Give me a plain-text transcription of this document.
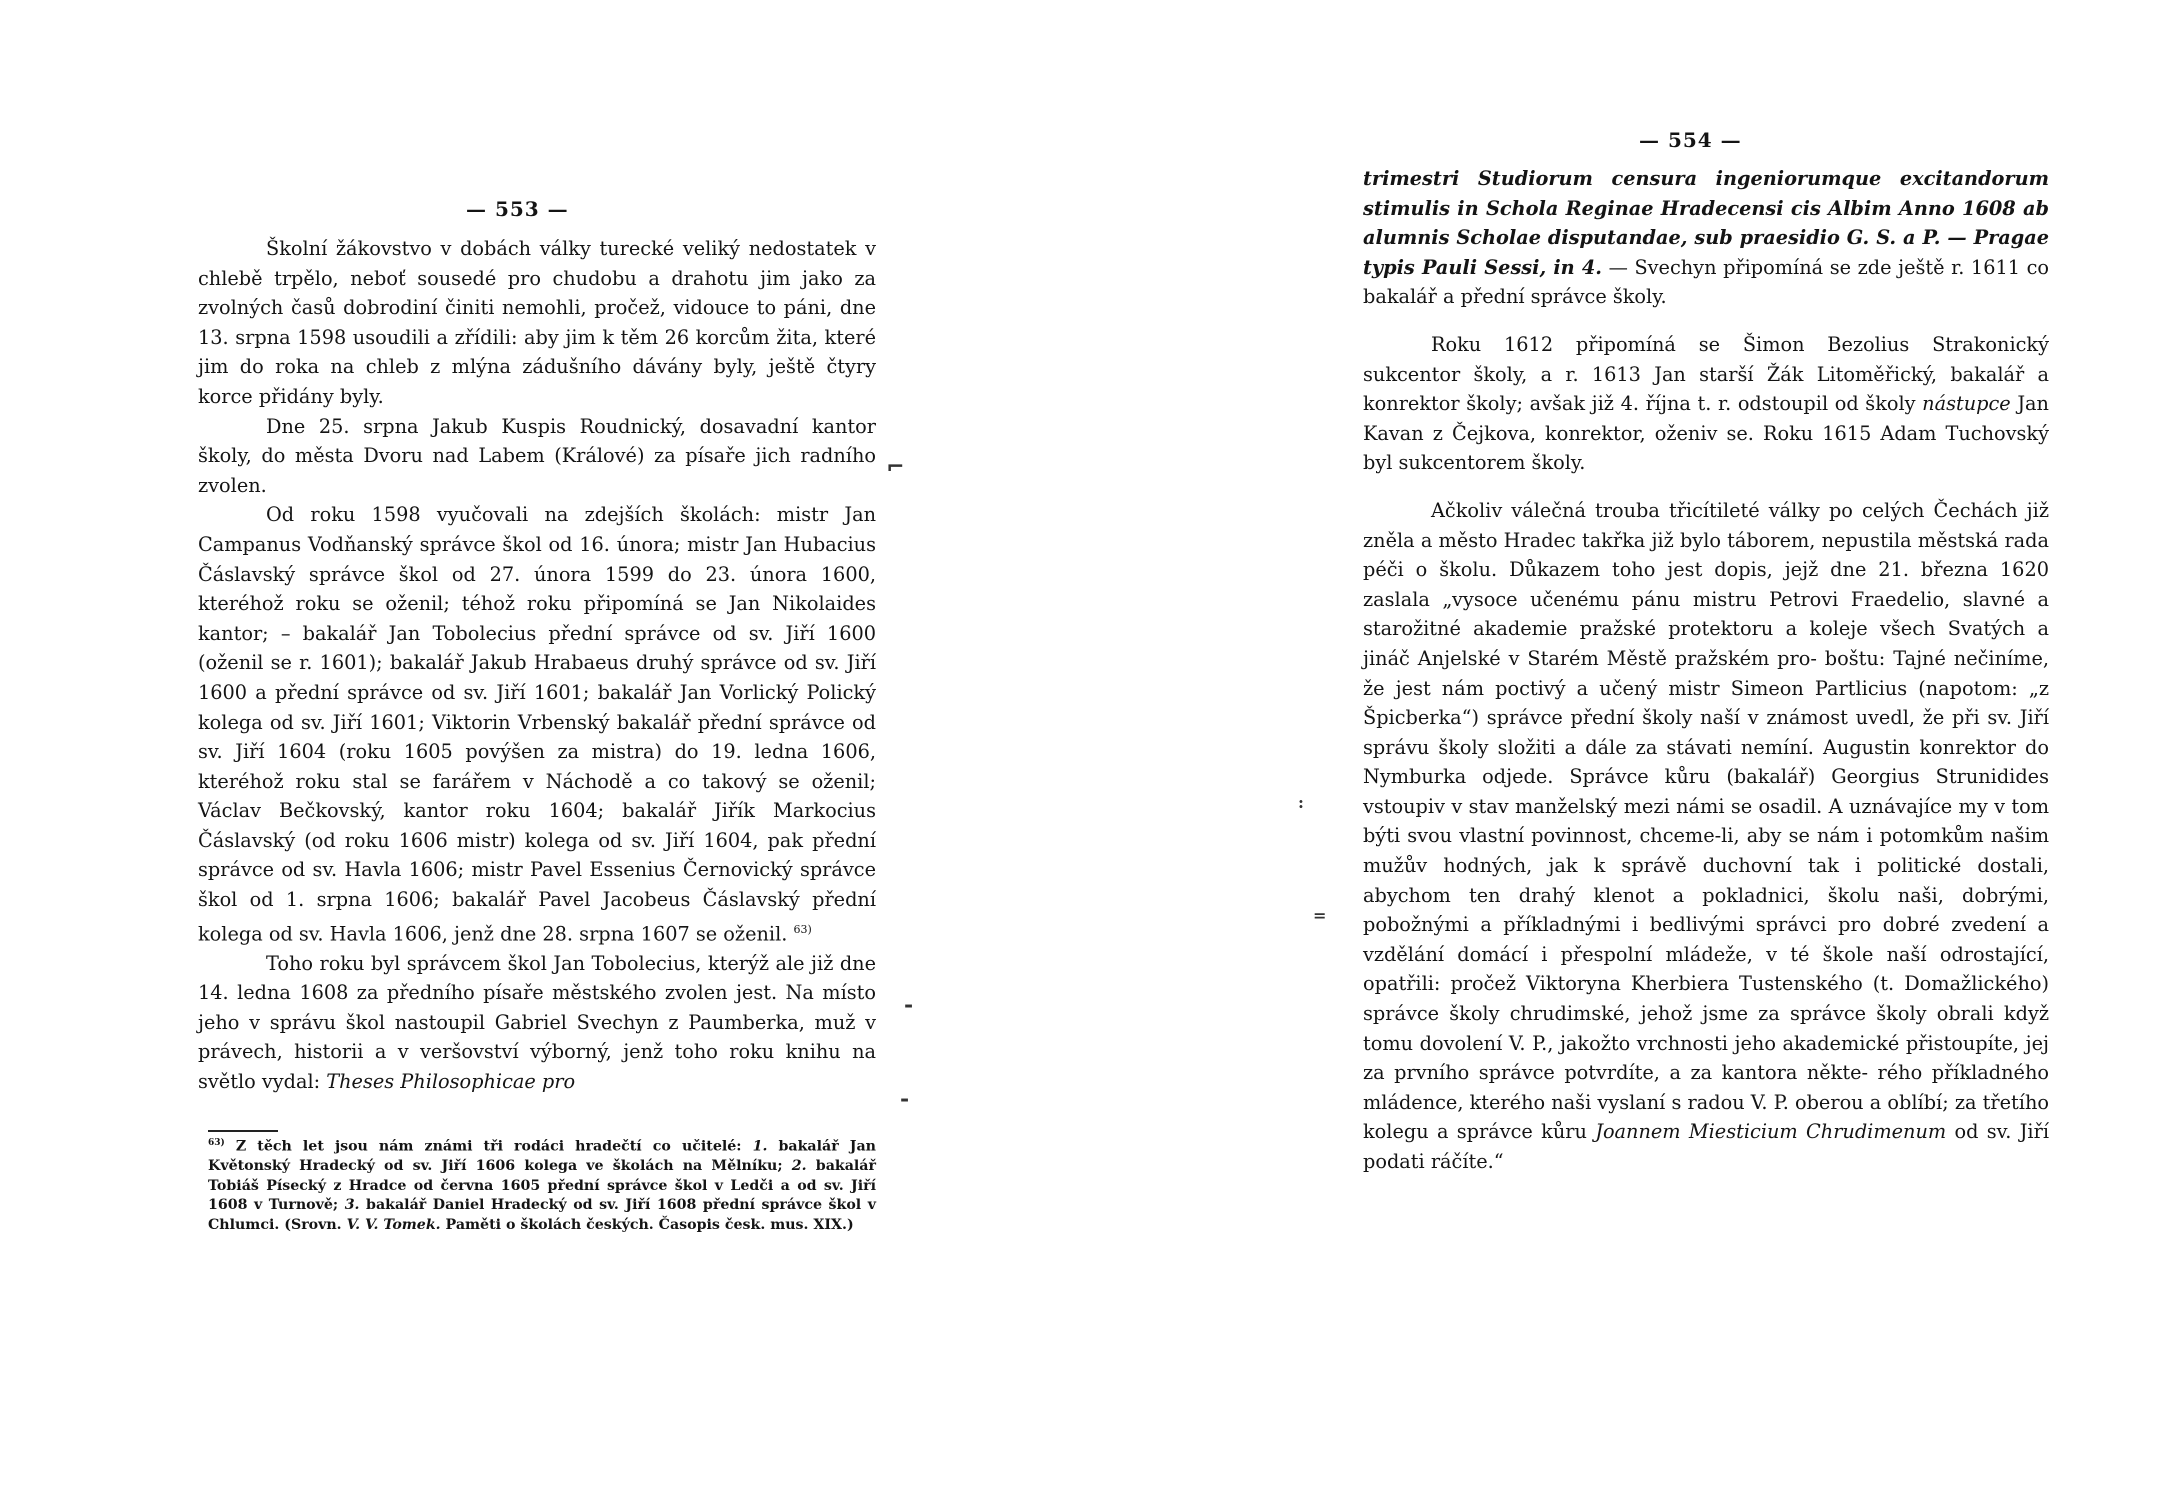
— 553 —

Školní žákovstvo v dobách války turecké veliký nedostatek v chlebě trpělo, neboť sousedé pro chudobu a drahotu jim jako za zvolných časů dobrodiní činiti nemohli, pročež, vidouce to páni, dne 13. srpna 1598 usoudili a zřídili: aby jim k těm 26 korcům žita, které jim do roka na chleb z mlýna zádušního dávány byly, ještě čtyry korce přidány byly.

Dne 25. srpna Jakub Kuspis Roudnický, dosavadní kantor školy, do města Dvoru nad Labem (Králové) za písaře jich radního zvolen.

Od roku 1598 vyučovali na zdejších školách: mistr Jan Campanus Vodňanský správce škol od 16. února; mistr Jan Hubacius Čáslavský správce škol od 27. února 1599 do 23. února 1600, kteréhož roku se oženil; téhož roku připomíná se Jan Nikolaides kantor; – bakalář Jan Tobolecius přední správce od sv. Jiří 1600 (oženil se r. 1601); bakalář Jakub Hrabaeus druhý správce od sv. Jiří 1600 a přední správce od sv. Jiří 1601; bakalář Jan Vorlický Polický kolega od sv. Jiří 1601; Viktorin Vrbenský bakalář přední správce od sv. Jiří 1604 (roku 1605 povýšen za mistra) do 19. ledna 1606, kteréhož roku stal se farářem v Náchodě a co takový se oženil; Václav Bečkovský, kantor roku 1604; bakalář Jiřík Markocius Čáslavský (od roku 1606 mistr) kolega od sv. Jiří 1604, pak přední správce od sv. Havla 1606; mistr Pavel Essenius Černovický správce škol od 1. srpna 1606; bakalář Pavel Jacobeus Čáslavský přední kolega od sv. Havla 1606, jenž dne 28. srpna 1607 se oženil. $^{63)}$

Toho roku byl správcem škol Jan Tobolecius, kterýž ale již dne 14. ledna 1608 za předního písaře městského zvolen jest. Na místo jeho v správu škol nastoupil Gabriel Svechyn z Paumberka, muž v právech, historii a v veršovství výborný, jenž toho roku knihu na světlo vydal: Theses Philosophicae pro

$^{63)}$ Z těch let jsou nám známi tři rodáci hradečtí co učitelé: 1. bakalář Jan Květonský Hradecký od sv. Jiří 1606 kolega ve školách na Mělníku; 2. bakalář Tobiáš Písecký z Hradce od června 1605 přední správce škol v Ledči a od sv. Jiří 1608 v Turnově; 3. bakalář Daniel Hradecký od sv. Jiří 1608 přední správce škol v Chlumci. (Srovn. V. V. Tomek. Paměti o školách českých. Časopis česk. mus. XIX.)
⌐
-
-
— 554 —

trimestri Studiorum censura ingeniorumque excitandorum stimulis in Schola Reginae Hradecensi cis Albim Anno 1608 ab alumnis Scholae disputandae, sub praesidio G. S. a P. — Pragae typis Pauli Sessi, in 4. — Svechyn připomíná se zde ještě r. 1611 co bakalář a přední správce školy.

Roku 1612 připomíná se Šimon Bezolius Strakonický sukcentor školy, a r. 1613 Jan starší Žák Litoměřický, bakalář a konrektor školy; avšak již 4. října t. r. odstoupil od školy nástupce Jan Kavan z Čejkova, konrektor, oženiv se. Roku 1615 Adam Tuchovský byl sukcentorem školy.

Ačkoliv válečná trouba třicítileté války po celých Čechách již zněla a město Hradec takřka již bylo táborem, nepustila městská rada péči o školu. Důkazem toho jest dopis, jejž dne 21. března 1620 zaslala „vysoce učenému pánu mistru Petrovi Fraedelio, slavné a starožitné akademie pražské protektoru a koleje všech Svatých a jináč Anjelské v Starém Městě pražském pro- boštu: Tajné nečiníme, že jest nám poctivý a učený mistr Simeon Partlicius (napotom: „z Špicberka“) správce přední školy naší v známost uvedl, že při sv. Jiří správu školy složiti a dále za stávati nemíní. Augustin konrektor do Nymburka odjede. Správce kůru (bakalář) Georgius Strunidides vstoupiv v stav manželský mezi námi se osadil. A uznávajíce my v tom býti svou vlastní povinnost, chceme-li, aby se nám i potomkům našim mužův hodných, jak k správě duchovní tak i politické dostali, abychom ten drahý klenot a pokladnici, školu naši, dobrými, pobožnými a příkladnými i bedlivými správci pro dobré zvedení a vzdělání domácí i přespolní mládeže, v té škole naší odrostající, opatřili: pročež Viktoryna Kherbiera Tustenského (t. Domažlického) správce školy chrudimské, jehož jsme za správce školy obrali když tomu dovolení V. P., jakožto vrchnosti jeho akademické přistoupíte, jej za prvního správce potvrdíte, a za kantora někte- rého příkladného mládence, kterého naši vyslaní s radou V. P. oberou a oblíbí; za třetího kolegu a správce kůru Joannem Miesticium Chrudimenum od sv. Jiří podati ráčíte.“

:
=
